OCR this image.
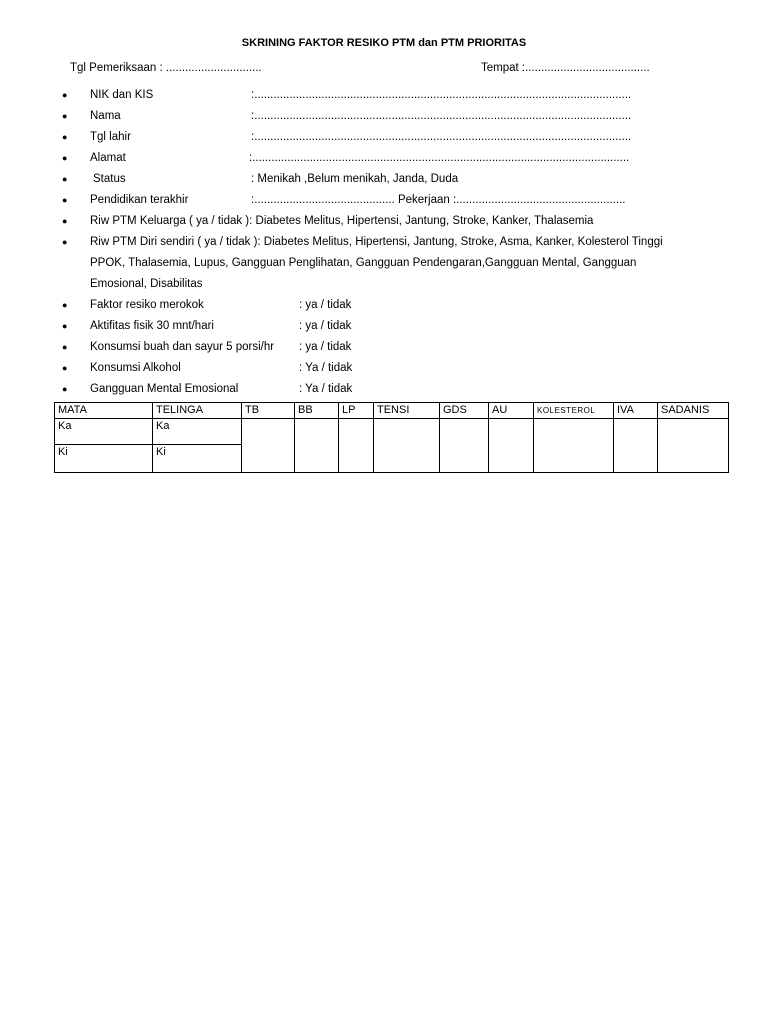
SKRINING FAKTOR RESIKO PTM dan PTM PRIORITAS
Tgl Pemeriksaan : ..............................	Tempat :.......................................
● NIK dan KIS	:......................................................................................................................
● Nama	:......................................................................................................................
● Tgl lahir	:......................................................................................................................
● Alamat	:......................................................................................................................
● Status	: Menikah ,Belum menikah, Janda, Duda
● Pendidikan terakhir	:............................................ Pekerjaan :.....................................................
● Riw PTM Keluarga ( ya / tidak ): Diabetes Melitus, Hipertensi, Jantung, Stroke, Kanker, Thalasemia
● Riw PTM Diri sendiri ( ya / tidak ): Diabetes Melitus, Hipertensi, Jantung, Stroke, Asma, Kanker, Kolesterol Tinggi
PPOK, Thalasemia, Lupus, Gangguan Penglihatan, Gangguan Pendengaran,Gangguan Mental, Gangguan
Emosional, Disabilitas
● Faktor resiko merokok	: ya / tidak
● Aktifitas fisik 30 mnt/hari	: ya / tidak
● Konsumsi buah dan sayur 5 porsi/hr : ya / tidak
● Konsumsi Alkohol	: Ya / tidak
● Gangguan Mental Emosional	: Ya / tidak
MATA	TELINGA	TB	BB	LP	TENSI	GDS	AU	KOLESTEROL	IVA	SADANIS
Ka	Ka									
Ki	Ki									
